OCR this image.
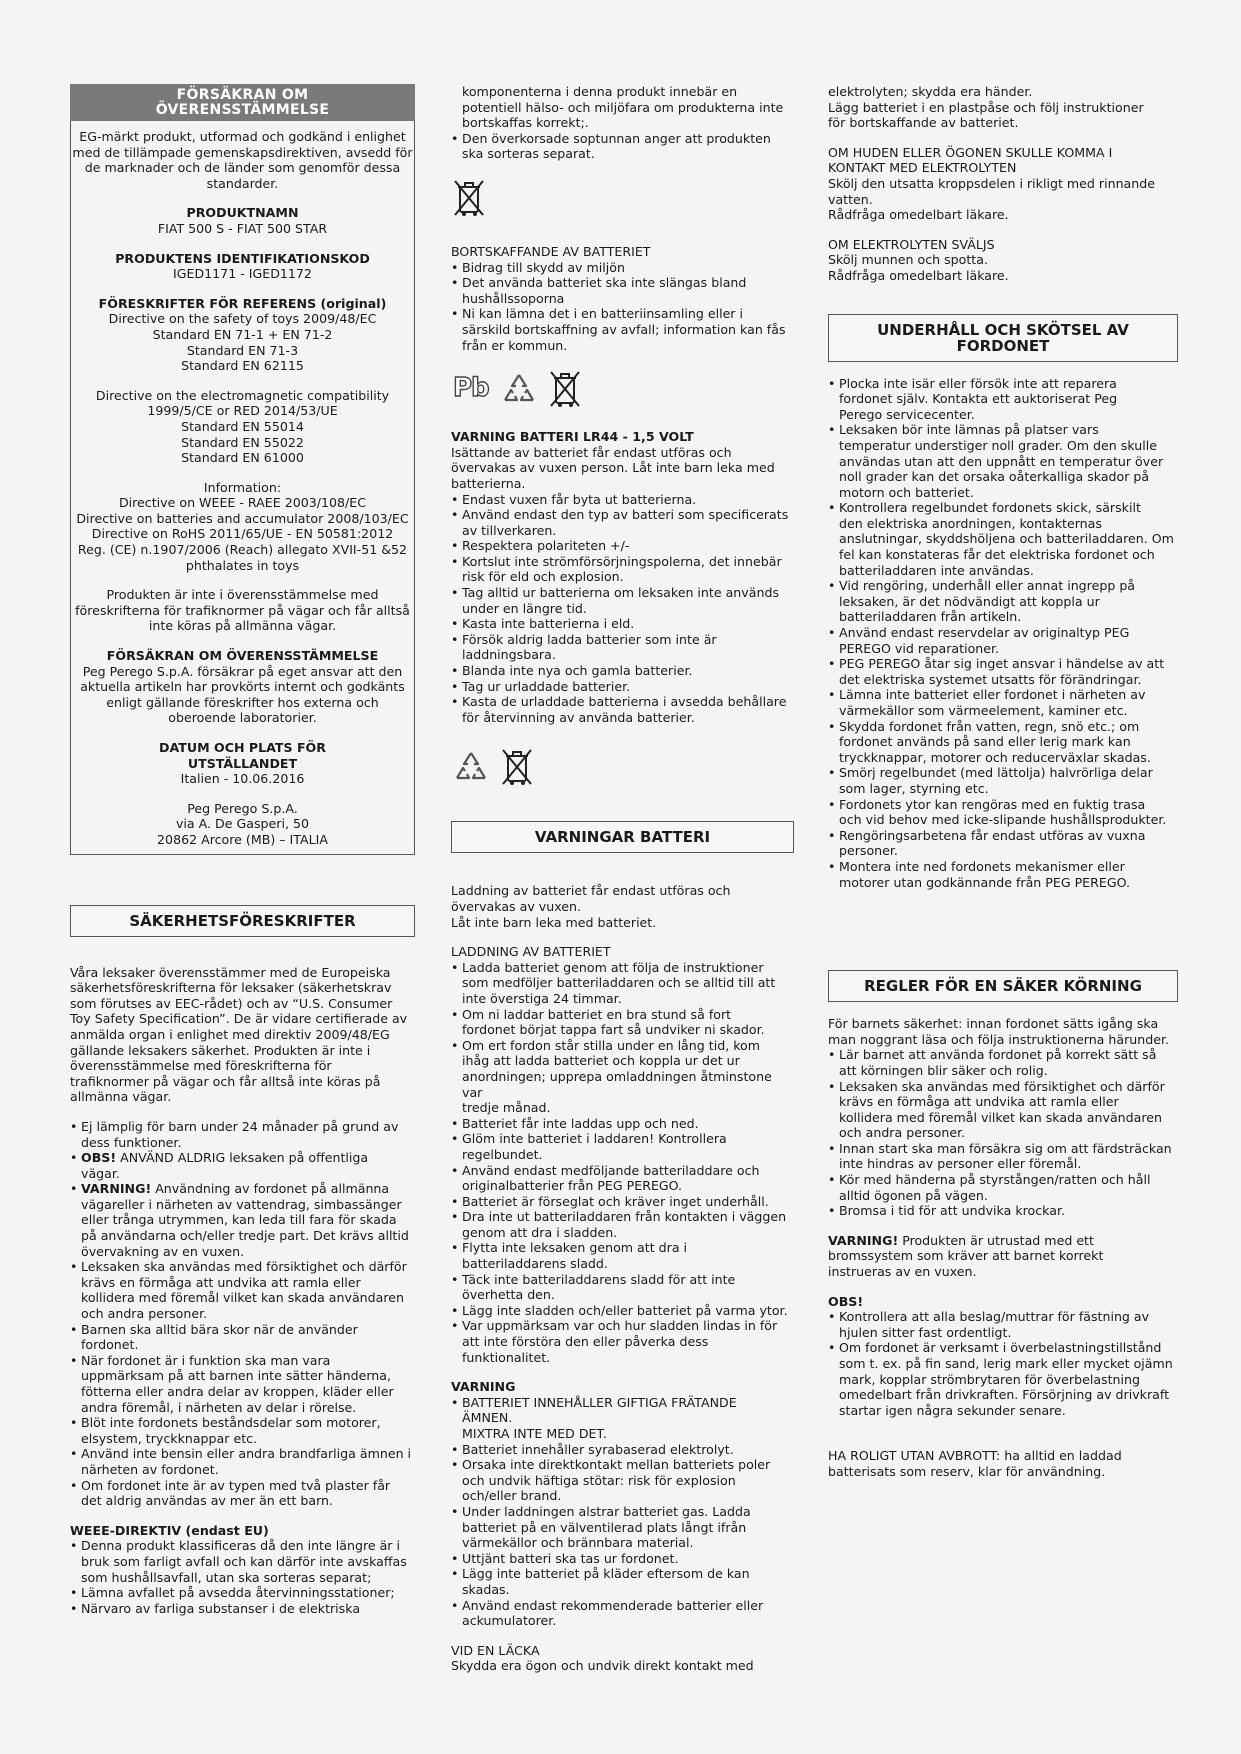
FÖRSÄKRAN OM
ÖVERENSSTÄMMELSE

EG-märkt produkt, utformad och godkänd i enlighet

med de tillämpade gemenskapsdirektiven, avsedd för

de marknader och de länder som genomför dessa

standarder.

PRODUKTNAMN

FIAT 500 S - FIAT 500 STAR

PRODUKTENS IDENTIFIKATIONSKOD

IGED1171 - IGED1172

FÖRESKRIFTER FÖR REFERENS (original)

Directive on the safety of toys 2009/48/EC

Standard EN 71-1 + EN 71-2

Standard EN 71-3

Standard EN 62115

Directive on the electromagnetic compatibility

1999/5/CE or RED 2014/53/UE

Standard EN 55014

Standard EN 55022

Standard EN 61000

Information:

Directive on WEEE - RAEE 2003/108/EC

Directive on batteries and accumulator 2008/103/EC

Directive on RoHS 2011/65/UE - EN 50581:2012

Reg. (CE) n.1907/2006 (Reach) allegato XVII-51 &52

phthalates in toys

Produkten är inte i överensstämmelse med

föreskrifterna för trafiknormer på vägar och får alltså

inte köras på allmänna vägar.

FÖRSÄKRAN OM ÖVERENSSTÄMMELSE

Peg Perego S.p.A. försäkrar på eget ansvar att den

aktuella artikeln har provkörts internt och godkänts

enligt gällande föreskrifter hos externa och

oberoende laboratorier.

DATUM OCH PLATS FÖR

UTSTÄLLANDET

Italien - 10.06.2016

Peg Perego S.p.A.

via A. De Gasperi, 50

20862 Arcore (MB) – ITALIA

SÄKERHETSFÖRESKRIFTER

Våra leksaker överensstämmer med de Europeiska

säkerhetsföreskrifterna för leksaker (säkerhetskrav

som förutses av EEC-rådet) och av “U.S. Consumer

Toy Safety Specification”. De är vidare certifierade av

anmälda organ i enlighet med direktiv 2009/48/EG

gällande leksakers säkerhet. Produkten är inte i

överensstämmelse med föreskrifterna för

trafiknormer på vägar och får alltså inte köras på

allmänna vägar.

• Ej lämplig för barn under 24 månader på grund av
dess funktioner.
• OBS! ANVÄND ALDRIG leksaken på offentliga
vägar.
• VARNING! Användning av fordonet på allmänna
vägareller i närheten av vattendrag, simbassänger
eller trånga utrymmen, kan leda till fara för skada
på användarna och/eller tredje part. Det krävs alltid
övervakning av en vuxen.
• Leksaken ska användas med försiktighet och därför
krävs en förmåga att undvika att ramla eller
kollidera med föremål vilket kan skada användaren
och andra personer.
• Barnen ska alltid bära skor när de använder
fordonet.
• När fordonet är i funktion ska man vara
uppmärksam på att barnen inte sätter händerna,
fötterna eller andra delar av kroppen, kläder eller
andra föremål, i närheten av delar i rörelse.
• Blöt inte fordonets beståndsdelar som motorer,
elsystem, tryckknappar etc.
• Använd inte bensin eller andra brandfarliga ämnen i
närheten av fordonet.
• Om fordonet inte är av typen med två plaster får
det aldrig användas av mer än ett barn.

WEEE-DIREKTIV (endast EU)

• Denna produkt klassificeras då den inte längre är i
bruk som farligt avfall och kan därför inte avskaffas
som hushållsavfall, utan ska sorteras separat;
• Lämna avfallet på avsedda återvinningsstationer;
• Närvaro av farliga substanser i de elektriska

komponenterna i denna produkt innebär en

potentiell hälso- och miljöfara om produkterna inte

bortskaffas korrekt;.

• Den överkorsade soptunnan anger att produkten
ska sorteras separat.

BORTSKAFFANDE AV BATTERIET

• Bidrag till skydd av miljön
• Det använda batteriet ska inte slängas bland
hushållssoporna
• Ni kan lämna det i en batteriinsamling eller i
särskild bortskaffning av avfall; information kan fås
från er kommun.
Pb

VARNING BATTERI LR44 - 1,5 VOLT

Isättande av batteriet får endast utföras och

övervakas av vuxen person. Låt inte barn leka med

batterierna.

• Endast vuxen får byta ut batterierna.
• Använd endast den typ av batteri som specificerats
av tillverkaren.
• Respektera polariteten +/-
• Kortslut inte strömförsörjningspolerna, det innebär
risk för eld och explosion.
• Tag alltid ur batterierna om leksaken inte används
under en längre tid.
• Kasta inte batterierna i eld.
• Försök aldrig ladda batterier som inte är
laddningsbara.
• Blanda inte nya och gamla batterier.
• Tag ur urladdade batterier.
• Kasta de urladdade batterierna i avsedda behållare
för återvinning av använda batterier.
VARNINGAR BATTERI

Laddning av batteriet får endast utföras och

övervakas av vuxen.

Låt inte barn leka med batteriet.

LADDNING AV BATTERIET

• Ladda batteriet genom att följa de instruktioner
som medföljer batteriladdaren och se alltid till att
inte överstiga 24 timmar.
• Om ni laddar batteriet en bra stund så fort
fordonet börjat tappa fart så undviker ni skador.
• Om ert fordon står stilla under en lång tid, kom
ihåg att ladda batteriet och koppla ur det ur
anordningen; upprepa omladdningen åtminstone var
tredje månad.
• Batteriet får inte laddas upp och ned.
• Glöm inte batteriet i laddaren! Kontrollera
regelbundet.
• Använd endast medföljande batteriladdare och
originalbatterier från PEG PEREGO.
• Batteriet är förseglat och kräver inget underhåll.
• Dra inte ut batteriladdaren från kontakten i väggen
genom att dra i sladden.
• Flytta inte leksaken genom att dra i
batteriladdarens sladd.
• Täck inte batteriladdarens sladd för att inte
överhetta den.
• Lägg inte sladden och/eller batteriet på varma ytor.
• Var uppmärksam var och hur sladden lindas in för
att inte förstöra den eller påverka dess
funktionalitet.

VARNING

• BATTERIET INNEHÅLLER GIFTIGA FRÄTANDE
ÄMNEN.
MIXTRA INTE MED DET.
• Batteriet innehåller syrabaserad elektrolyt.
• Orsaka inte direktkontakt mellan batteriets poler
och undvik häftiga stötar: risk för explosion
och/eller brand.
• Under laddningen alstrar batteriet gas. Ladda
batteriet på en välventilerad plats långt ifrån
värmekällor och brännbara material.
• Uttjänt batteri ska tas ur fordonet.
• Lägg inte batteriet på kläder eftersom de kan
skadas.
• Använd endast rekommenderade batterier eller
ackumulatorer.

VID EN LÄCKA

Skydda era ögon och undvik direkt kontakt med

elektrolyten; skydda era händer.

Lägg batteriet i en plastpåse och följ instruktioner

för bortskaffande av batteriet.

OM HUDEN ELLER ÖGONEN SKULLE KOMMA I

KONTAKT MED ELEKTROLYTEN

Skölj den utsatta kroppsdelen i rikligt med rinnande

vatten.

Rådfråga omedelbart läkare.

OM ELEKTROLYTEN SVÄLJS

Skölj munnen och spotta.

Rådfråga omedelbart läkare.

UNDERHÅLL OCH SKÖTSEL AV
FORDONET
• Plocka inte isär eller försök inte att reparera
fordonet själv. Kontakta ett auktoriserat Peg
Perego servicecenter.
• Leksaken bör inte lämnas på platser vars
temperatur understiger noll grader. Om den skulle
användas utan att den uppnått en temperatur över
noll grader kan det orsaka oåterkalliga skador på
motorn och batteriet.
• Kontrollera regelbundet fordonets skick, särskilt
den elektriska anordningen, kontakternas
anslutningar, skyddshöljena och batteriladdaren. Om
fel kan konstateras får det elektriska fordonet och
batteriladdaren inte användas.
• Vid rengöring, underhåll eller annat ingrepp på
leksaken, är det nödvändigt att koppla ur
batteriladdaren från artikeln.
• Använd endast reservdelar av originaltyp PEG
PEREGO vid reparationer.
• PEG PEREGO åtar sig inget ansvar i händelse av att
det elektriska systemet utsatts för förändringar.
• Lämna inte batteriet eller fordonet i närheten av
värmekällor som värmeelement, kaminer etc.
• Skydda fordonet från vatten, regn, snö etc.; om
fordonet används på sand eller lerig mark kan
tryckknappar, motorer och reducerväxlar skadas.
• Smörj regelbundet (med lättolja) halvrörliga delar
som lager, styrning etc.
• Fordonets ytor kan rengöras med en fuktig trasa
och vid behov med icke-slipande hushållsprodukter.
• Rengöringsarbetena får endast utföras av vuxna
personer.
• Montera inte ned fordonets mekanismer eller
motorer utan godkännande från PEG PEREGO.
REGLER FÖR EN SÄKER KÖRNING

För barnets säkerhet: innan fordonet sätts igång ska

man noggrant läsa och följa instruktionerna härunder.

• Lär barnet att använda fordonet på korrekt sätt så
att körningen blir säker och rolig.
• Leksaken ska användas med försiktighet och därför
krävs en förmåga att undvika att ramla eller
kollidera med föremål vilket kan skada användaren
och andra personer.
• Innan start ska man försäkra sig om att färdsträckan
inte hindras av personer eller föremål.
• Kör med händerna på styrstången/ratten och håll
alltid ögonen på vägen.
• Bromsa i tid för att undvika krockar.

VARNING! Produkten är utrustad med ett

bromssystem som kräver att barnet korrekt

instrueras av en vuxen.

OBS!

• Kontrollera att alla beslag/muttrar för fästning av
hjulen sitter fast ordentligt.
• Om fordonet är verksamt i överbelastningstillstånd
som t. ex. på fin sand, lerig mark eller mycket ojämn
mark, kopplar strömbrytaren för överbelastning
omedelbart från drivkraften. Försörjning av drivkraft
startar igen några sekunder senare.

HA ROLIGT UTAN AVBROTT: ha alltid en laddad

batterisats som reserv, klar för användning.
